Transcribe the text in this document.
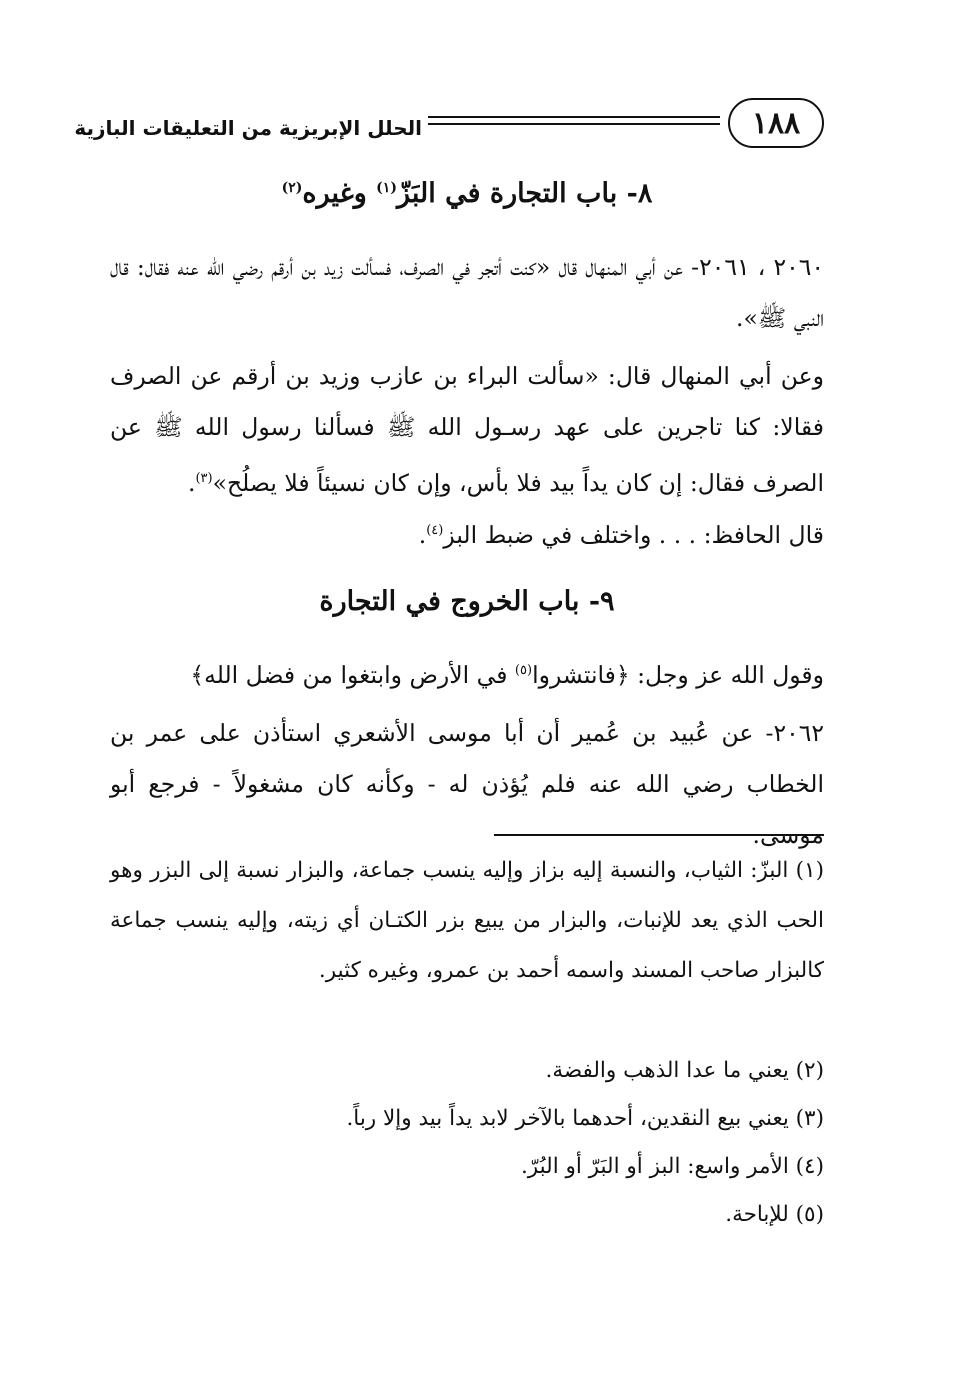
١٨٨
الحلل الإبريزية من التعليقات البازية
٨- باب التجارة في البَزّ$^{(١)}$ وغيره$^{(٢)}$
٢٠٦٠ ، ٢٠٦١- عن أبي المنهال قال «كنت أتجر في الصرف، فسألت زيد بن أرقم رضي الله عنه فقال: قال النبي ﷺ».
وعن أبي المنهال قال: «سألت البراء بن عازب وزيد بن أرقم عن الصرف فقالا: كنا تاجرين على عهد رسـول الله ﷺ فسألنا رسول الله ﷺ عن الصرف فقال: إن كان يداً بيد فلا بأس، وإن كان نسيئاً فلا يصلُح»$^{(٣)}$.
قال الحافظ: . . . واختلف في ضبط البز$^{(٤)}$.
٩- باب الخروج في التجارة
وقول الله عز وجل: ﴿فانتشروا$^{(٥)}$ في الأرض وابتغوا من فضل الله﴾
٢٠٦٢- عن عُبيد بن عُمير أن أبا موسى الأشعري استأذن على عمر بن الخطاب رضي الله عنه فلم يُؤذن له - وكأنه كان مشغولاً - فرجع أبو موسى.
(١) البزّ: الثياب، والنسبة إليه بزاز وإليه ينسب جماعة، والبزار نسبة إلى البزر وهو الحب الذي يعد للإنبات، والبزار من يبيع بزر الكتـان أي زيته، وإليه ينسب جماعة كالبزار صاحب المسند واسمه أحمد بن عمرو، وغيره كثير.
(٢) يعني ما عدا الذهب والفضة.
(٣) يعني بيع النقدين، أحدهما بالآخر لابد يداً بيد وإلا رباً.
(٤) الأمر واسع: البز أو البَرّ أو البُرّ.
(٥) للإباحة.
